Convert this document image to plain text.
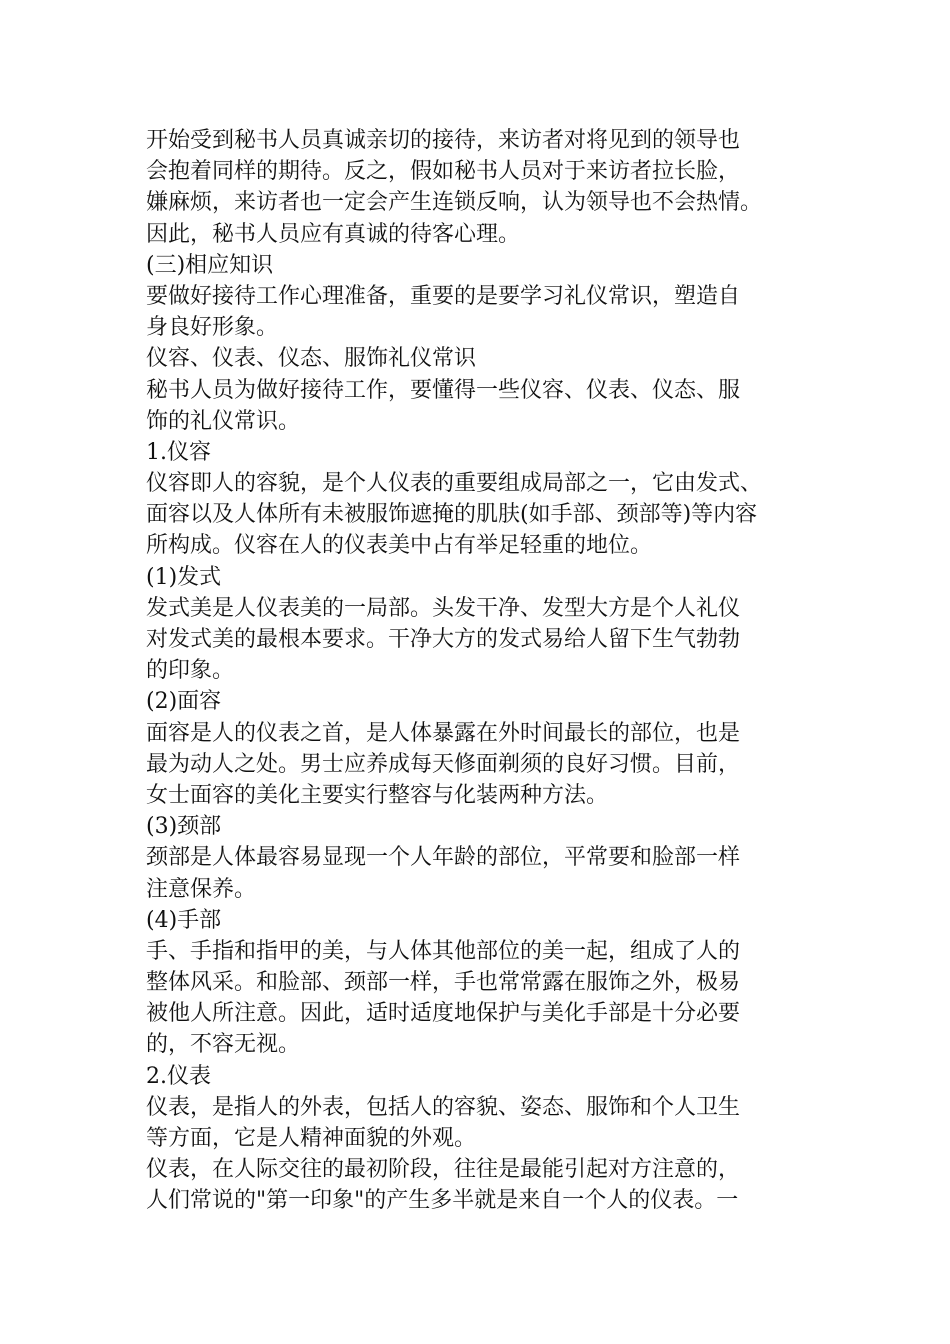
开始受到秘书人员真诚亲切的接待，来访者对将见到的领导也
会抱着同样的期待。反之，假如秘书人员对于来访者拉长脸，
嫌麻烦，来访者也一定会产生连锁反响，认为领导也不会热情。
因此，秘书人员应有真诚的待客心理。
(三)相应知识
要做好接待工作心理准备，重要的是要学习礼仪常识，塑造自
身良好形象。
仪容、仪表、仪态、服饰礼仪常识
秘书人员为做好接待工作，要懂得一些仪容、仪表、仪态、服
饰的礼仪常识。
1.仪容
仪容即人的容貌，是个人仪表的重要组成局部之一，它由发式、
面容以及人体所有未被服饰遮掩的肌肤(如手部、颈部等)等内容
所构成。仪容在人的仪表美中占有举足轻重的地位。
(1)发式
发式美是人仪表美的一局部。头发干净、发型大方是个人礼仪
对发式美的最根本要求。干净大方的发式易给人留下生气勃勃
的印象。
(2)面容
面容是人的仪表之首，是人体暴露在外时间最长的部位，也是
最为动人之处。男士应养成每天修面剃须的良好习惯。目前，
女士面容的美化主要实行整容与化装两种方法。
(3)颈部
颈部是人体最容易显现一个人年龄的部位，平常要和脸部一样
注意保养。
(4)手部
手、手指和指甲的美，与人体其他部位的美一起，组成了人的
整体风采。和脸部、颈部一样，手也常常露在服饰之外，极易
被他人所注意。因此，适时适度地保护与美化手部是十分必要
的，不容无视。
2.仪表
仪表，是指人的外表，包括人的容貌、姿态、服饰和个人卫生
等方面，它是人精神面貌的外观。
仪表，在人际交往的最初阶段，往往是最能引起对方注意的，
人们常说的"第一印象"的产生多半就是来自一个人的仪表。一
